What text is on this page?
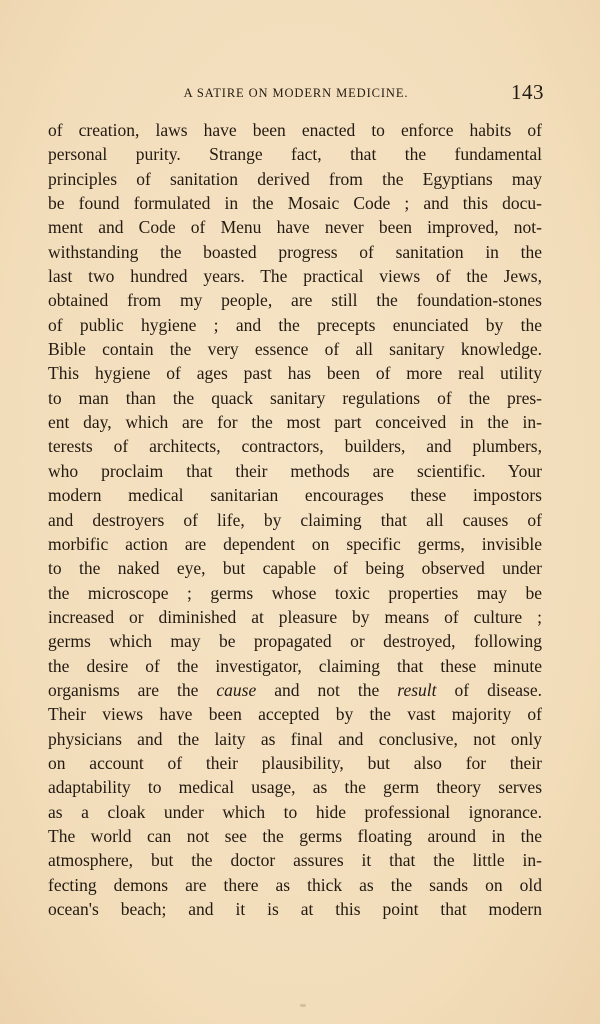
A SATIRE ON MODERN MEDICINE.	143
of creation, laws have been enacted to enforce habits of
personal purity. Strange fact, that the fundamental
principles of sanitation derived from the Egyptians may
be found formulated in the Mosaic Code ; and this docu-
ment and Code of Menu have never been improved, not-
withstanding the boasted progress of sanitation in the
last two hundred years. The practical views of the Jews,
obtained from my people, are still the foundation-stones
of public hygiene ; and the precepts enunciated by the
Bible contain the very essence of all sanitary knowledge.
This hygiene of ages past has been of more real utility
to man than the quack sanitary regulations of the pres-
ent day, which are for the most part conceived in the in-
terests of architects, contractors, builders, and plumbers,
who proclaim that their methods are scientific. Your
modern medical sanitarian encourages these impostors
and destroyers of life, by claiming that all causes of
morbific action are dependent on specific germs, invisible
to the naked eye, but capable of being observed under
the microscope ; germs whose toxic properties may be
increased or diminished at pleasure by means of culture ;
germs which may be propagated or destroyed, following
the desire of the investigator, claiming that these minute
organisms are the cause and not the result of disease.
Their views have been accepted by the vast majority of
physicians and the laity as final and conclusive, not only
on account of their plausibility, but also for their
adaptability to medical usage, as the germ theory serves
as a cloak under which to hide professional ignorance.
The world can not see the germs floating around in the
atmosphere, but the doctor assures it that the little in-
fecting demons are there as thick as the sands on old
ocean's beach; and it is at this point that modern
